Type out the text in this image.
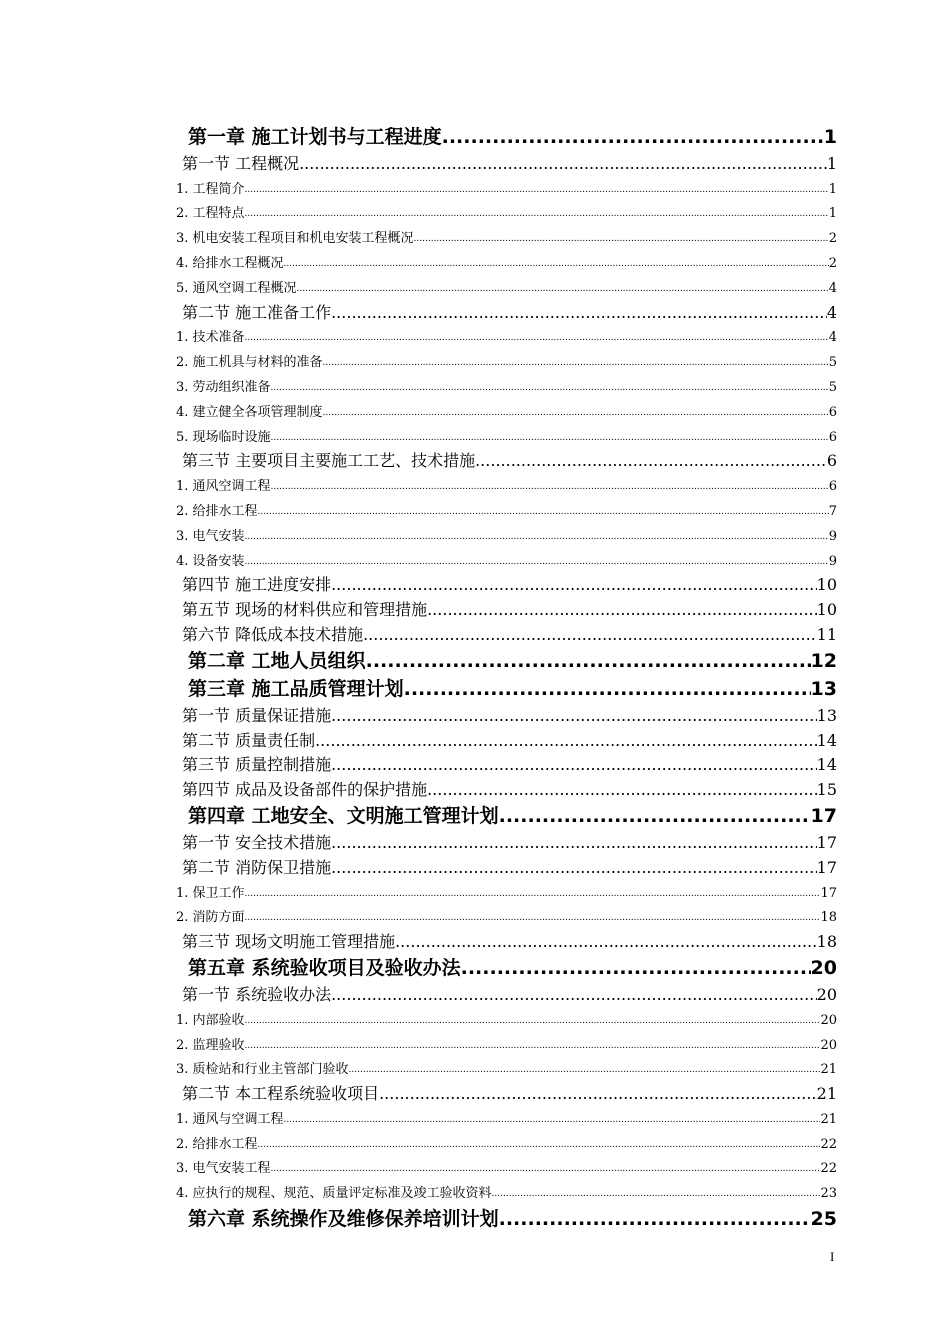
第一章 施工计划书与工程进度 .....	1
第一节 工程概况 .....	1
1. 工程简介 .....	1
2. 工程特点 .....	1
3. 机电安装工程项目和机电安装工程概况 .....	2
4. 给排水工程概况 .....	2
5. 通风空调工程概况 .....	4
第二节 施工准备工作 .....	4
1. 技术准备 .....	4
2. 施工机具与材料的准备 .....	5
3. 劳动组织准备 .....	5
4. 建立健全各项管理制度 .....	6
5. 现场临时设施 .....	6
第三节 主要项目主要施工工艺、技术措施 .....	6
1. 通风空调工程 .....	6
2. 给排水工程 .....	7
3. 电气安装 .....	9
4. 设备安装 .....	9
第四节 施工进度安排 .....	10
第五节 现场的材料供应和管理措施 .....	10
第六节 降低成本技术措施 .....	11
第二章 工地人员组织 .....	12
第三章 施工品质管理计划 .....	13
第一节 质量保证措施 .....	13
第二节 质量责任制 .....	14
第三节 质量控制措施 .....	14
第四节 成品及设备部件的保护措施 .....	15
第四章 工地安全、文明施工管理计划 .....	17
第一节 安全技术措施 .....	17
第二节 消防保卫措施 .....	17
1. 保卫工作 .....	17
2. 消防方面 .....	18
第三节 现场文明施工管理措施 .....	18
第五章 系统验收项目及验收办法 .....	20
第一节 系统验收办法 .....	20
1. 内部验收 .....	20
2. 监理验收 .....	20
3. 质检站和行业主管部门验收 .....	21
第二节 本工程系统验收项目 .....	21
1. 通风与空调工程 .....	21
2. 给排水工程 .....	22
3. 电气安装工程 .....	22
4. 应执行的规程、规范、质量评定标准及竣工验收资料 .....	23
第六章 系统操作及维修保养培训计划 .....	25
I
